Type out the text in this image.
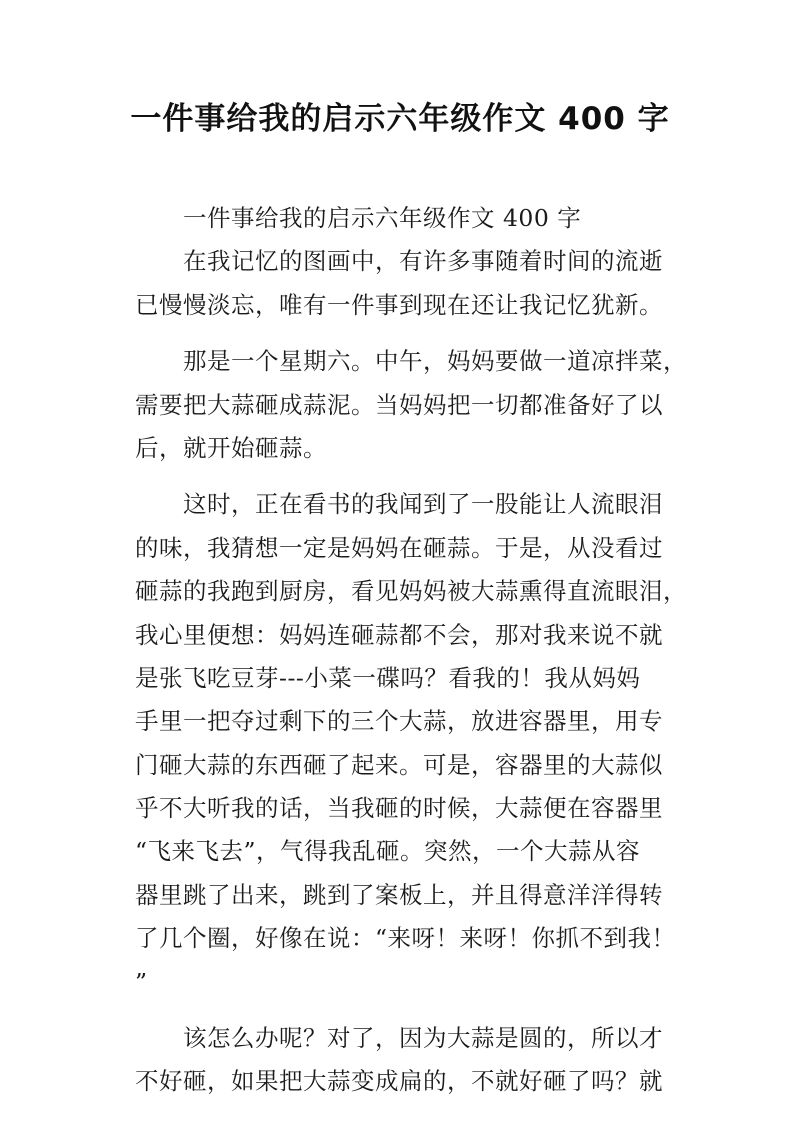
一件事给我的启示六年级作文 400 字
一件事给我的启示六年级作文 400 字
在我记忆的图画中，有许多事随着时间的流逝
已慢慢淡忘，唯有一件事到现在还让我记忆犹新。
那是一个星期六。中午，妈妈要做一道凉拌菜，
需要把大蒜砸成蒜泥。当妈妈把一切都准备好了以
后，就开始砸蒜。
这时，正在看书的我闻到了一股能让人流眼泪
的味，我猜想一定是妈妈在砸蒜。于是，从没看过
砸蒜的我跑到厨房，看见妈妈被大蒜熏得直流眼泪，
我心里便想：妈妈连砸蒜都不会，那对我来说不就
是张飞吃豆芽---小菜一碟吗？看我的！我从妈妈
手里一把夺过剩下的三个大蒜，放进容器里，用专
门砸大蒜的东西砸了起来。可是，容器里的大蒜似
乎不大听我的话，当我砸的时候，大蒜便在容器里
“飞来飞去”，气得我乱砸。突然，一个大蒜从容
器里跳了出来，跳到了案板上，并且得意洋洋得转
了几个圈，好像在说：“来呀！来呀！你抓不到我！
”
该怎么办呢？对了，因为大蒜是圆的，所以才
不好砸，如果把大蒜变成扁的，不就好砸了吗？就
